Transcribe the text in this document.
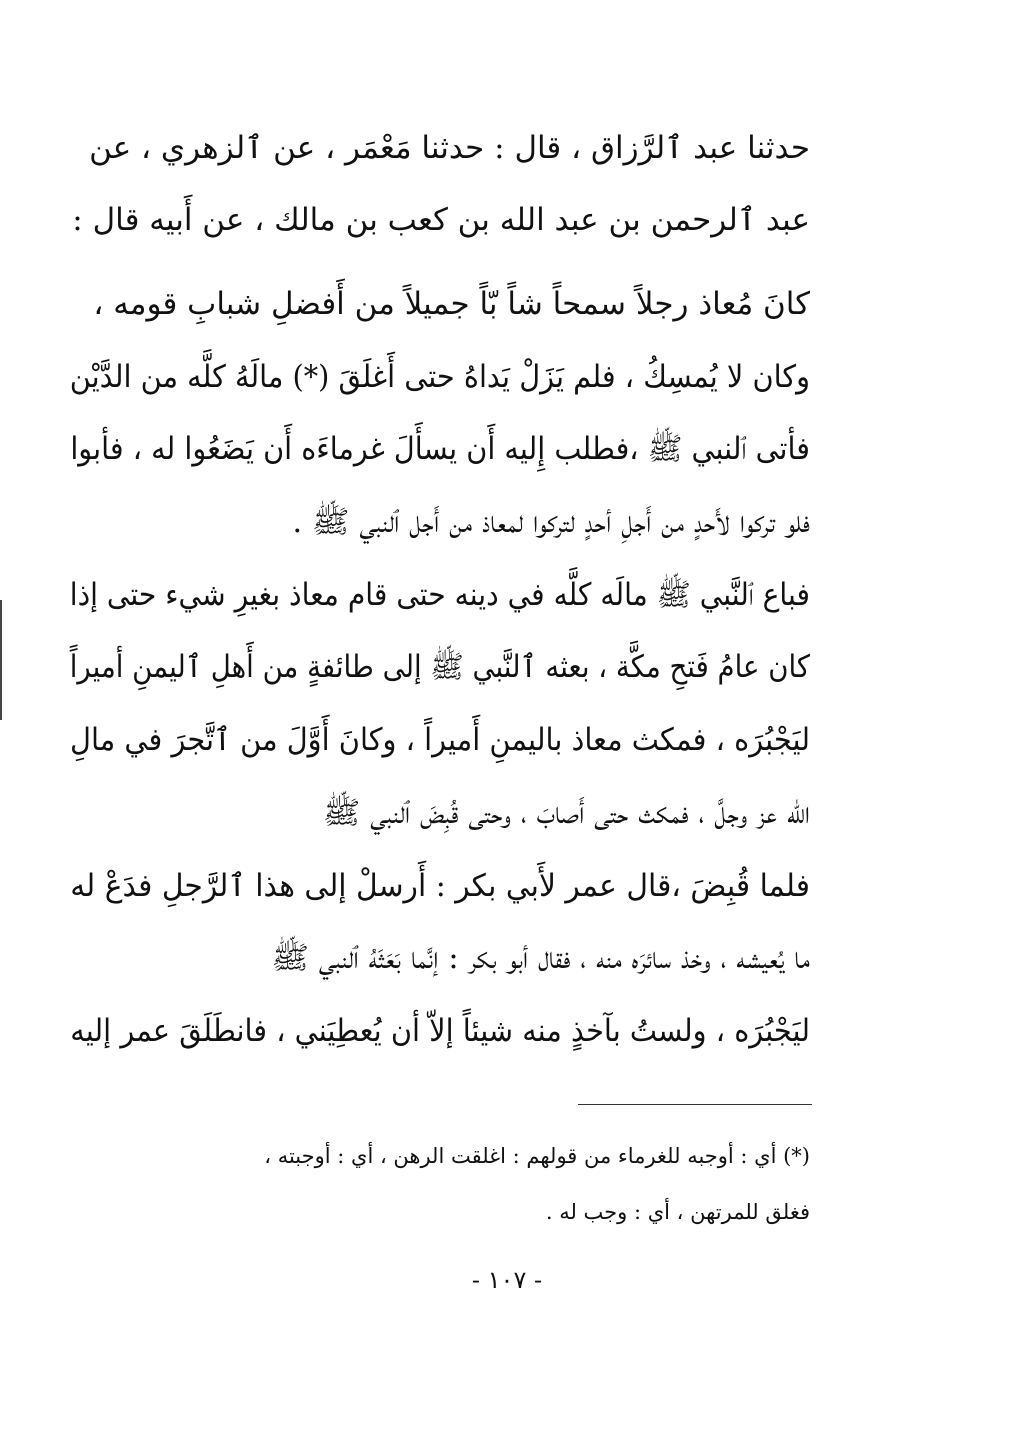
حدثنا عبد ٱلرَّزاق ، قال : حدثنا مَعْمَر ، عن ٱلزهري ، عن
عبد ٱلرحمن بن عبد الله بن كعب بن مالك ، عن أَبيه قال :
كانَ مُعاذ رجلاً سمحاً شاً بّاً جميلاً من أَفضلِ شبابِ قومه ،
وكان لا يُمسِكُ ، فلم يَزَلْ يَداهُ حتى أَغلَقَ (*) مالَهُ كلَّه من الدَّيْن
فأتى ٱلنبي ﷺ ،فطلب إِليه أَن يسأَلَ غرماءَه أَن يَضَعُوا له ، فأبوا
فلو تركوا لأَحدٍ من أَجلِ أحدٍ لتركوا لمعاذ من أَجل ٱلنبي ﷺ .
فباع ٱلنَّبي ﷺ مالَه كلَّه في دينه حتى قام معاذ بغيرِ شيء حتى إذا
كان عامُ فَتحِ مكَّة ، بعثه ٱلنَّبي ﷺ إلى طائفةٍ من أَهلِ ٱليمنِ أميراً
ليَجْبُرَه ، فمكث معاذ باليمنِ أَميراً ، وكانَ أَوَّلَ من ٱتَّجرَ في مالِ
الله عز وجلَّ ، فمكث حتى أَصابَ ، وحتى قُبِضَ ٱلنبي ﷺ
فلما قُبِضَ ،قال عمر لأَبي بكر : أَرسلْ إلى هذا ٱلرَّجلِ فدَعْ له
ما يُعيشه ، وخذ سائرَه منه ، فقال أبو بكر : إنَّما بَعَثَهُ ٱلنبي ﷺ
ليَجْبُرَه ، ولستُ بآخذٍ منه شيئاً إلاّ أن يُعطِيَني ، فانطَلَقَ عمر إليه
(*) أي : أوجبه للغرماء من قولهم : اغلقت الرهن ، أي : أوجبته ،
فغلق للمرتهن ، أي : وجب له .
- ١٠٧ -
